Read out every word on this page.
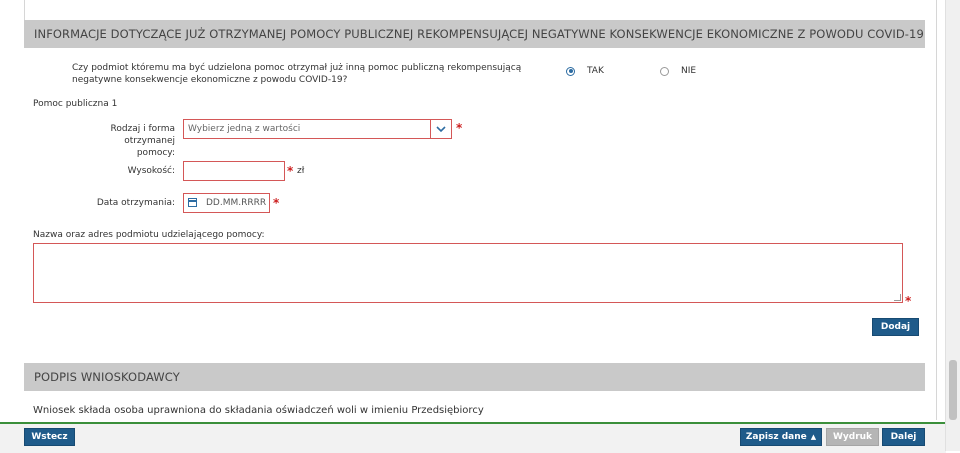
INFORMACJE DOTYCZĄCE JUŻ OTRZYMANEJ POMOCY PUBLICZNEJ REKOMPENSUJĄCEJ NEGATYWNE KONSEKWENCJE EKONOMICZNE Z POWODU COVID-19
Czy podmiot któremu ma być udzielona pomoc otrzymał już inną pomoc publiczną rekompensującą negatywne konsekwencje ekonomiczne z powodu COVID-19?
TAK	NIE
Pomoc publiczna 1
Rodzaj i forma otrzymanej
pomocy:
Wybierz jedną z wartości	*
Wysokość:	* zł
Data otrzymania:	DD.MM.RRRR *
Nazwa oraz adres podmiotu udzielającego pomocy:
*
Dodaj
PODPIS WNIOSKODAWCY
Wniosek składa osoba uprawniona do składania oświadczeń woli w imieniu Przedsiębiorcy
Wstecz	Zapisz dane ▲	Wydruk	Dalej
